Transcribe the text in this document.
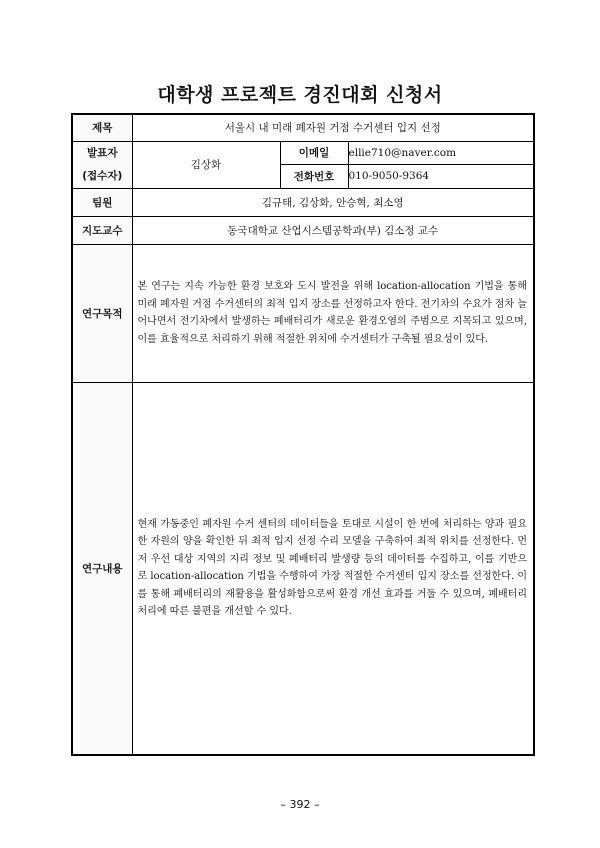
대학생 프로젝트 경진대회 신청서
제목	서울시 내 미래 폐자원 거점 수거센터 입지 선정		

발표자
(접수자)	김상화	이메일	ellie710@naver.com
		전화번호	010-9050-9364
팀원	김규태, 김상화, 안승혁, 최소영		
지도교수	동국대학교 산업시스템공학과(부) 김소정 교수		
연구목적	본 연구는 지속 가능한 환경 보호와 도시 발전을 위해 location-allocation 기법을 통해 미래 폐자원 거점 수거센터의 최적 입지 장소를 선정하고자 한다. 전기차의 수요가 점차 늘어나면서 전기차에서 발생하는 폐배터리가 새로운 환경오염의 주범으로 지목되고 있으며, 이를 효율적으로 처리하기 위해 적절한 위치에 수거센터가 구축될 필요성이 있다.		

연구내용	현재 가동중인 폐자원 수거 센터의 데이터들을 토대로 시설이 한 번에 처리하는 양과 필요한 자원의 양을 확인한 뒤 최적 입지 선정 수리 모델을 구축하여 최적 위치를 선정한다. 먼저 우선 대상 지역의 지리 정보 및 폐배터리 발생량 등의 데이터를 수집하고, 이를 기반으로 location-allocation 기법을 수행하여 가장 적절한 수거센터 입지 장소를 선정한다. 이를 통해 폐배터리의 재활용을 활성화함으로써 환경 개선 효과를 거둘 수 있으며, 폐배터리 처리에 따른 불편을 개선할 수 있다.		
– 392 –
